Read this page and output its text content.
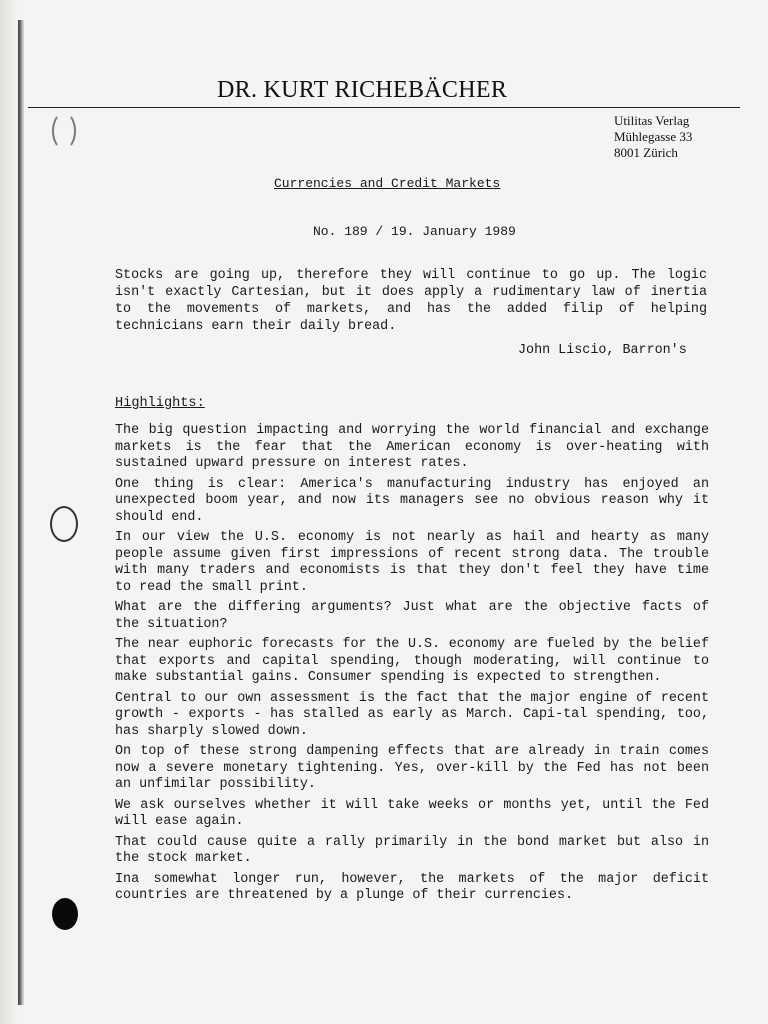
DR. KURT RICHEBÄCHER
Utilitas Verlag
Mühlegasse 33
8001 Zürich
Currencies and Credit Markets
No. 189 / 19. January 1989
Stocks are going up, therefore they will continue to go up. The logic isn't exactly Cartesian, but it does apply a rudimentary law of inertia to the movements of markets, and has the added filip of helping technicians earn their daily bread.
John Liscio, Barron's
Highlights:

The big question impacting and worrying the world financial and exchange markets is the fear that the American economy is over-heating with sustained upward pressure on interest rates.

One thing is clear: America's manufacturing industry has enjoyed an unexpected boom year, and now its managers see no obvious reason why it should end.

In our view the U.S. economy is not nearly as hail and hearty as many people assume given first impressions of recent strong data. The trouble with many traders and economists is that they don't feel they have time to read the small print.

What are the differing arguments? Just what are the objective facts of the situation?

The near euphoric forecasts for the U.S. economy are fueled by the belief that exports and capital spending, though moderating, will continue to make substantial gains. Consumer spending is expected to strengthen.

Central to our own assessment is the fact that the major engine of recent growth - exports - has stalled as early as March. Capi-tal spending, too, has sharply slowed down.

On top of these strong dampening effects that are already in train comes now a severe monetary tightening. Yes, over-kill by the Fed has not been an unfimilar possibility.

We ask ourselves whether it will take weeks or months yet, until the Fed will ease again.

That could cause quite a rally primarily in the bond market but also in the stock market.

Ina somewhat longer run, however, the markets of the major deficit countries are threatened by a plunge of their currencies.
